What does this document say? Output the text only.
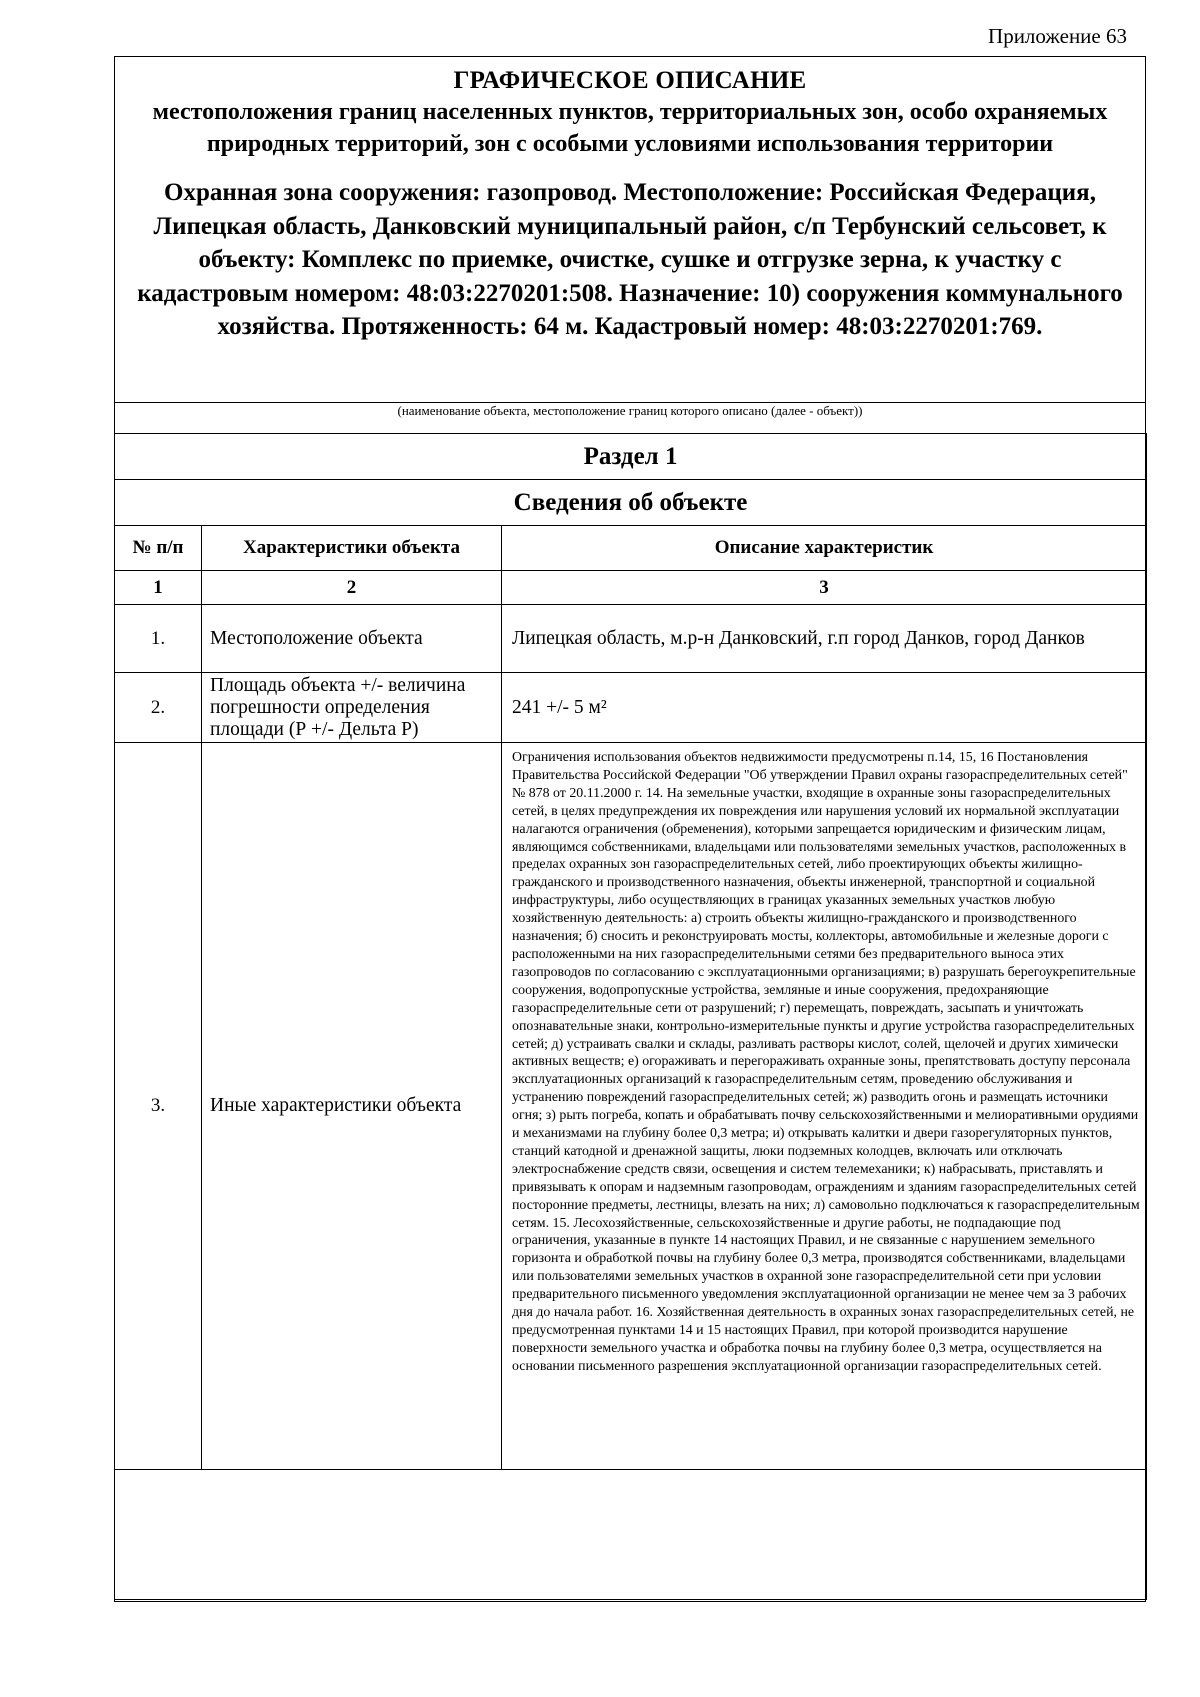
Приложение 63
ГРАФИЧЕСКОЕ ОПИСАНИЕ
местоположения границ населенных пунктов, территориальных зон, особо охраняемых природных территорий, зон с особыми условиями использования территории
Охранная зона сооружения: газопровод. Местоположение: Российская Федерация, Липецкая область, Данковский муниципальный район, с/п Тербунский сельсовет, к объекту: Комплекс по приемке, очистке, сушке и отгрузке зерна, к участку с кадастровым номером: 48:03:2270201:508. Назначение: 10) сооружения коммунального хозяйства. Протяженность: 64 м. Кадастровый номер: 48:03:2270201:769.
(наименование объекта, местоположение границ которого описано (далее - объект))
Раздел 1		
Сведения об объекте		
№ п/п	Характеристики объекта	Описание характеристик
1	2	3
1.	Местоположение объекта	Липецкая область, м.р-н Данковский, г.п город Данков, город Данков
2.	Площадь объекта +/- величина погрешности определения площади (Р +/- Дельта Р)	241 +/- 5 м²
3.	Иные характеристики объекта	Ограничения использования объектов недвижимости предусмотрены п.14, 15, 16 Постановления Правительства Российской Федерации "Об утверждении Правил охраны газораспределительных сетей" № 878 от 20.11.2000 г. 14. На земельные участки, входящие в охранные зоны газораспределительных сетей, в целях предупреждения их повреждения или нарушения условий их нормальной эксплуатации налагаются ограничения (обременения), которыми запрещается юридическим и физическим лицам, являющимся собственниками, владельцами или пользователями земельных участков, расположенных в пределах охранных зон газораспределительных сетей, либо проектирующих объекты жилищно-гражданского и производственного назначения, объекты инженерной, транспортной и социальной инфраструктуры, либо осуществляющих в границах указанных земельных участков любую хозяйственную деятельность: а) строить объекты жилищно-гражданского и производственного назначения; б) сносить и реконструировать мосты, коллекторы, автомобильные и железные дороги с расположенными на них газораспределительными сетями без предварительного выноса этих газопроводов по согласованию с эксплуатационными организациями; в) разрушать берегоукрепительные сооружения, водопропускные устройства, земляные и иные сооружения, предохраняющие газораспределительные сети от разрушений; г) перемещать, повреждать, засыпать и уничтожать опознавательные знаки, контрольно-измерительные пункты и другие устройства газораспределительных сетей; д) устраивать свалки и склады, разливать растворы кислот, солей, щелочей и других химически активных веществ; е) огораживать и перегораживать охранные зоны, препятствовать доступу персонала эксплуатационных организаций к газораспределительным сетям, проведению обслуживания и устранению повреждений газораспределительных сетей; ж) разводить огонь и размещать источники огня; з) рыть погреба, копать и обрабатывать почву сельскохозяйственными и мелиоративными орудиями и механизмами на глубину более 0,3 метра; и) открывать калитки и двери газорегуляторных пунктов, станций катодной и дренажной защиты, люки подземных колодцев, включать или отключать электроснабжение средств связи, освещения и систем телемеханики; к) набрасывать, приставлять и привязывать к опорам и надземным газопроводам, ограждениям и зданиям газораспределительных сетей посторонние предметы, лестницы, влезать на них; л) самовольно подключаться к газораспределительным сетям. 15. Лесохозяйственные, сельскохозяйственные и другие работы, не подпадающие под ограничения, указанные в пункте 14 настоящих Правил, и не связанные с нарушением земельного горизонта и обработкой почвы на глубину более 0,3 метра, производятся собственниками, владельцами или пользователями земельных участков в охранной зоне газораспределительной сети при условии предварительного письменного уведомления эксплуатационной организации не менее чем за 3 рабочих дня до начала работ. 16. Хозяйственная деятельность в охранных зонах газораспределительных сетей, не предусмотренная пунктами 14 и 15 настоящих Правил, при которой производится нарушение поверхности земельного участка и обработка почвы на глубину более 0,3 метра, осуществляется на основании письменного разрешения эксплуатационной организации газораспределительных сетей.
